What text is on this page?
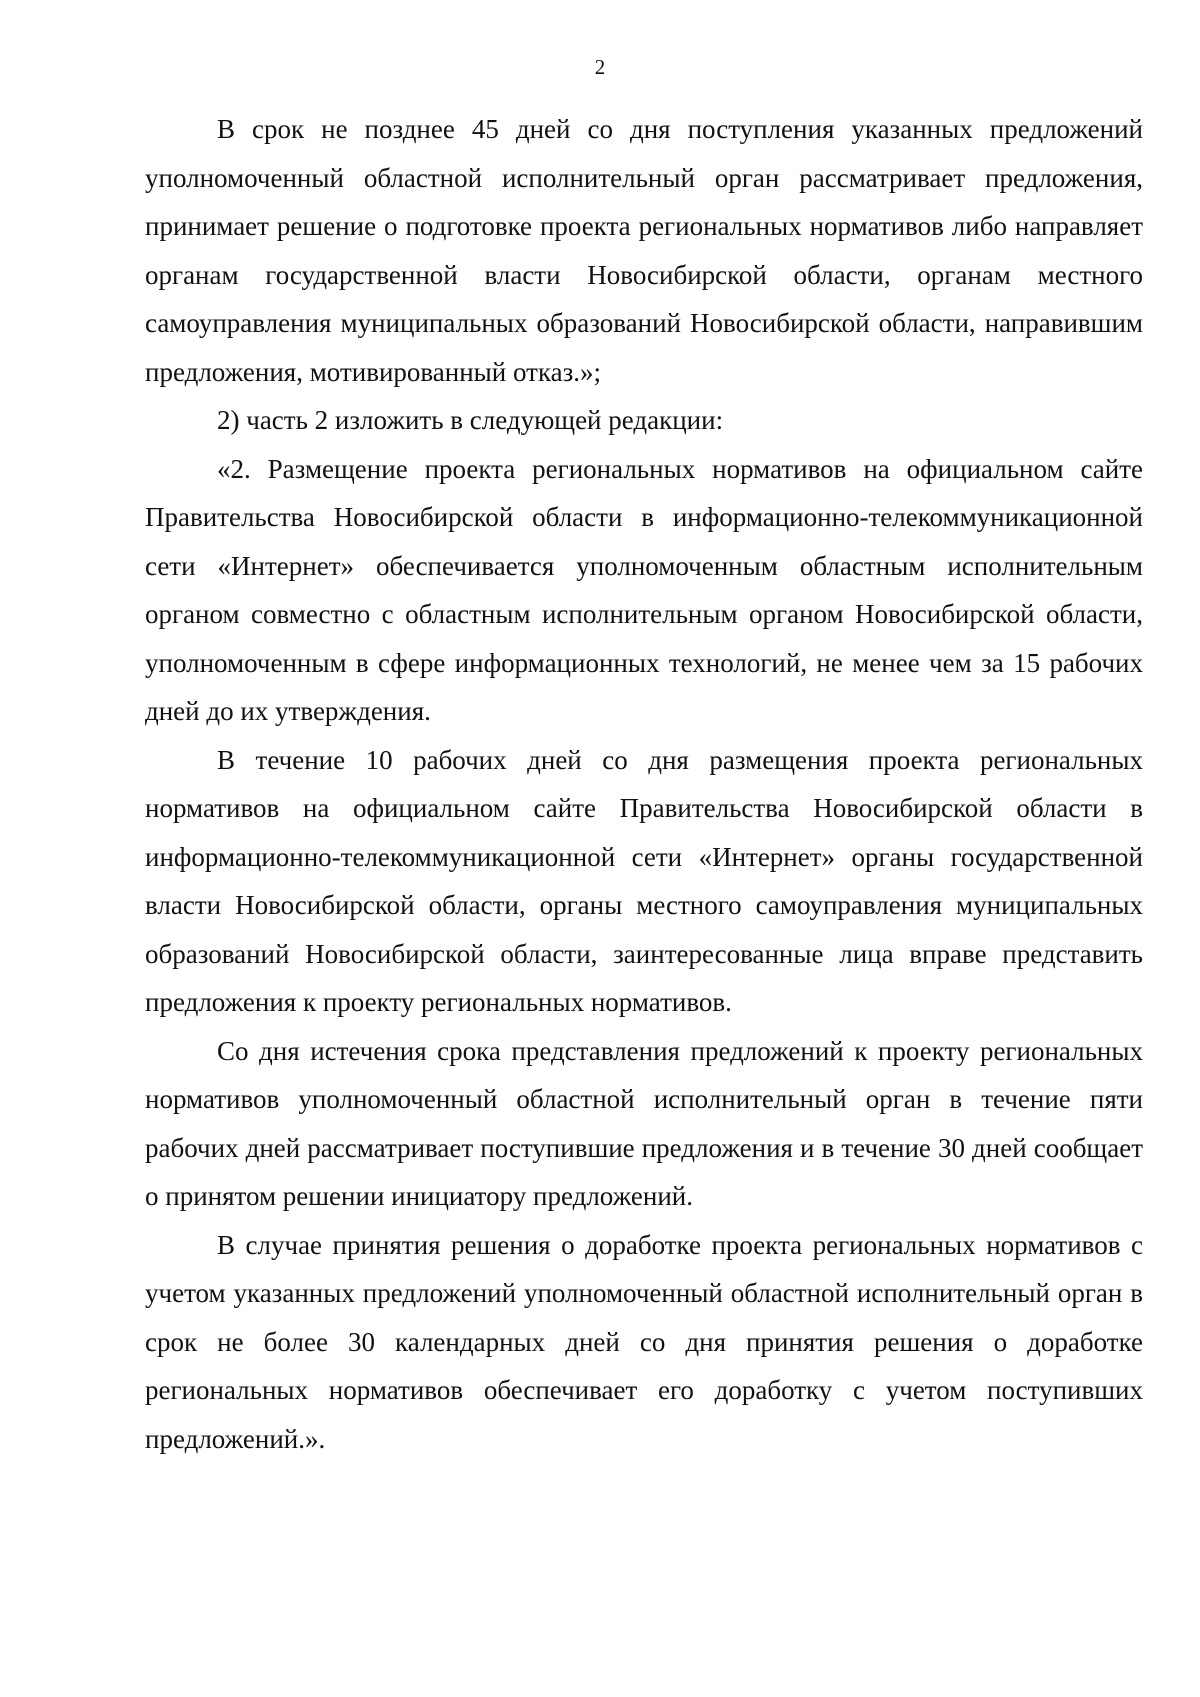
2

В срок не позднее 45 дней со дня поступления указанных предложений уполномоченный областной исполнительный орган рассматривает предложения, принимает решение о подготовке проекта региональных нормативов либо направляет органам государственной власти Новосибирской области, органам местного самоуправления муниципальных образований Новосибирской области, направившим предложения, мотивированный отказ.»;

2) часть 2 изложить в следующей редакции:

«2. Размещение проекта региональных нормативов на официальном сайте Правительства Новосибирской области в информационно-телекоммуникационной сети «Интернет» обеспечивается уполномоченным областным исполнительным органом совместно с областным исполнительным органом Новосибирской области, уполномоченным в сфере информационных технологий, не менее чем за 15 рабочих дней до их утверждения.

В течение 10 рабочих дней со дня размещения проекта региональных нормативов на официальном сайте Правительства Новосибирской области в информационно-телекоммуникационной сети «Интернет» органы государственной власти Новосибирской области, органы местного самоуправления муниципальных образований Новосибирской области, заинтересованные лица вправе представить предложения к проекту региональных нормативов.

Со дня истечения срока представления предложений к проекту региональных нормативов уполномоченный областной исполнительный орган в течение пяти рабочих дней рассматривает поступившие предложения и в течение 30 дней сообщает о принятом решении инициатору предложений.

В случае принятия решения о доработке проекта региональных нормативов с учетом указанных предложений уполномоченный областной исполнительный орган в срок не более 30 календарных дней со дня принятия решения о доработке региональных нормативов обеспечивает его доработку с учетом поступивших предложений.».
